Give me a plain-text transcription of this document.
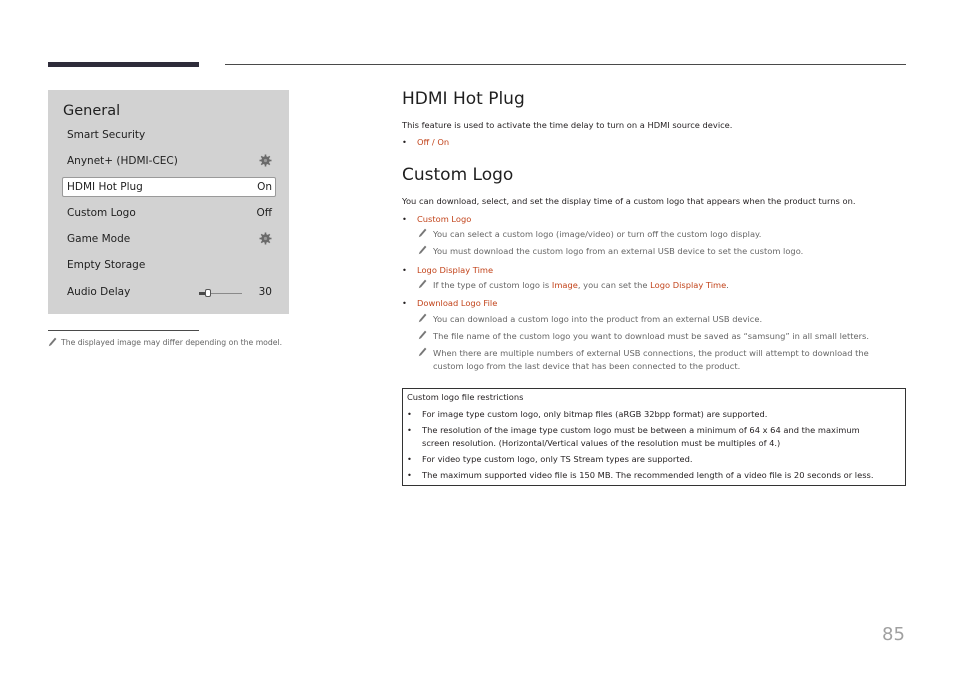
General
Smart Security
Anynet+ (HDMI-CEC)
HDMI Hot Plug	On
Custom Logo	Off
Game Mode
Empty Storage
Audio Delay	30
The displayed image may differ depending on the model.
HDMI Hot Plug
This feature is used to activate the time delay to turn on a HDMI source device.
• Off / On
Custom Logo
You can download, select, and set the display time of a custom logo that appears when the product turns on.
• Custom Logo
You can select a custom logo (image/video) or turn off the custom logo display.
You must download the custom logo from an external USB device to set the custom logo.
• Logo Display Time
If the type of custom logo is Image, you can set the Logo Display Time.
• Download Logo File
You can download a custom logo into the product from an external USB device.
The file name of the custom logo you want to download must be saved as “samsung” in all small letters.
When there are multiple numbers of external USB connections, the product will attempt to download the
custom logo from the last device that has been connected to the product.
Custom logo file restrictions
• For image type custom logo, only bitmap files (aRGB 32bpp format) are supported.
• The resolution of the image type custom logo must be between a minimum of 64 x 64 and the maximum
screen resolution. (Horizontal/Vertical values of the resolution must be multiples of 4.)
• For video type custom logo, only TS Stream types are supported.
• The maximum supported video file is 150 MB. The recommended length of a video file is 20 seconds or less.
85
